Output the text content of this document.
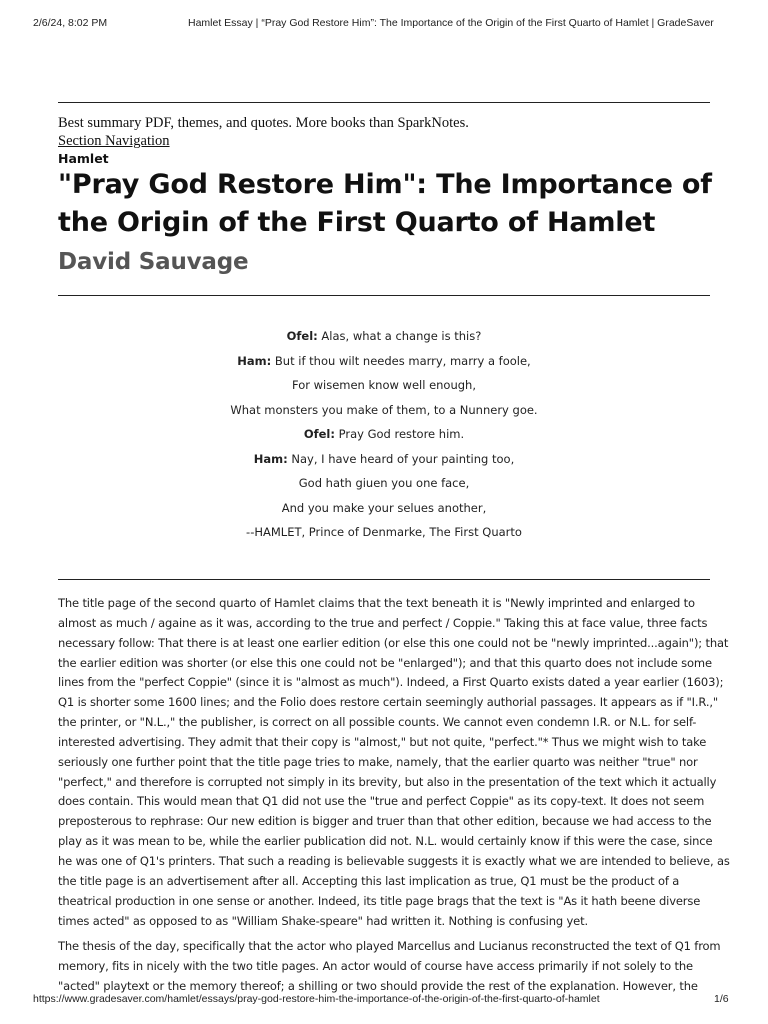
2/6/24, 8:02 PM	Hamlet Essay | “Pray God Restore Him”: The Importance of the Origin of the First Quarto of Hamlet | GradeSaver
Best summary PDF, themes, and quotes. More books than SparkNotes.
Section Navigation
Hamlet
"Pray God Restore Him": The Importance of the Origin of the First Quarto of Hamlet David Sauvage
Ofel: Alas, what a change is this?
Ham: But if thou wilt needes marry, marry a foole,
For wisemen know well enough,
What monsters you make of them, to a Nunnery goe.
Ofel: Pray God restore him.
Ham: Nay, I have heard of your painting too,
God hath giuen you one face,
And you make your selues another,
--HAMLET, Prince of Denmarke, The First Quarto

The title page of the second quarto of Hamlet claims that the text beneath it is "Newly imprinted and enlarged to
almost as much / againe as it was, according to the true and perfect / Coppie." Taking this at face value, three facts
necessary follow: That there is at least one earlier edition (or else this one could not be "newly imprinted...again"); that
the earlier edition was shorter (or else this one could not be "enlarged"); and that this quarto does not include some
lines from the "perfect Coppie" (since it is "almost as much"). Indeed, a First Quarto exists dated a year earlier (1603);
Q1 is shorter some 1600 lines; and the Folio does restore certain seemingly authorial passages. It appears as if "I.R.,"
the printer, or "N.L.," the publisher, is correct on all possible counts. We cannot even condemn I.R. or N.L. for self-
interested advertising. They admit that their copy is "almost," but not quite, "perfect."* Thus we might wish to take
seriously one further point that the title page tries to make, namely, that the earlier quarto was neither "true" nor
"perfect," and therefore is corrupted not simply in its brevity, but also in the presentation of the text which it actually
does contain. This would mean that Q1 did not use the "true and perfect Coppie" as its copy-text. It does not seem
preposterous to rephrase: Our new edition is bigger and truer than that other edition, because we had access to the
play as it was mean to be, while the earlier publication did not. N.L. would certainly know if this were the case, since
he was one of Q1's printers. That such a reading is believable suggests it is exactly what we are intended to believe, as
the title page is an advertisement after all. Accepting this last implication as true, Q1 must be the product of a
theatrical production in one sense or another. Indeed, its title page brags that the text is "As it hath beene diverse
times acted" as opposed to as "William Shake-speare" had written it. Nothing is confusing yet.

The thesis of the day, specifically that the actor who played Marcellus and Lucianus reconstructed the text of Q1 from
memory, fits in nicely with the two title pages. An actor would of course have access primarily if not solely to the
"acted" playtext or the memory thereof; a shilling or two should provide the rest of the explanation. However, the

https://www.gradesaver.com/hamlet/essays/pray-god-restore-him-the-importance-of-the-origin-of-the-first-quarto-of-hamlet	1/6
